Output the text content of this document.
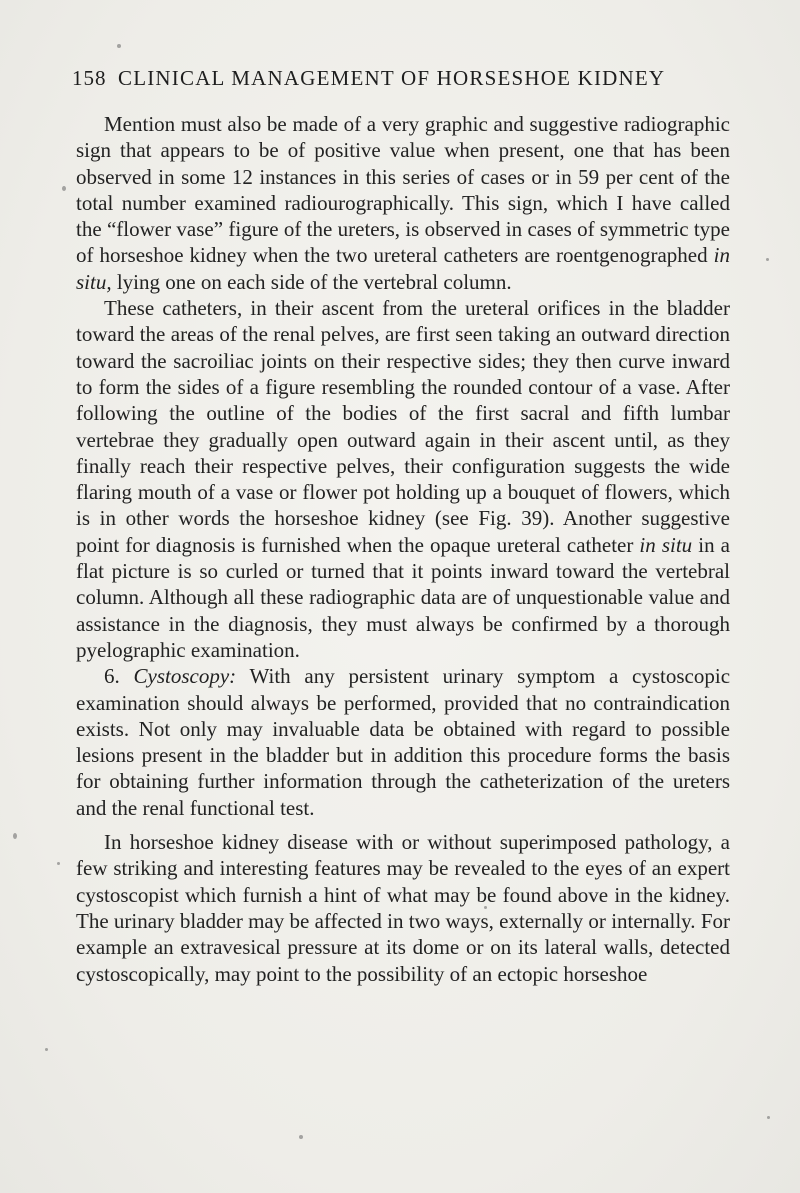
158 CLINICAL MANAGEMENT OF HORSESHOE KIDNEY

Mention must also be made of a very graphic and suggestive radiographic sign that appears to be of positive value when present, one that has been observed in some 12 instances in this series of cases or in 59 per cent of the total number examined radiourographically. This sign, which I have called the “flower vase” figure of the ureters, is observed in cases of symmetric type of horseshoe kidney when the two ureteral catheters are roentgenographed in situ, lying one on each side of the vertebral column.

These catheters, in their ascent from the ureteral orifices in the bladder toward the areas of the renal pelves, are first seen taking an outward direction toward the sacroiliac joints on their respective sides; they then curve inward to form the sides of a figure resembling the rounded contour of a vase. After following the outline of the bodies of the first sacral and fifth lumbar vertebrae they gradually open outward again in their ascent until, as they finally reach their respective pelves, their configuration suggests the wide flaring mouth of a vase or flower pot holding up a bouquet of flowers, which is in other words the horseshoe kidney (see Fig. 39). Another suggestive point for diagnosis is furnished when the opaque ureteral catheter in situ in a flat picture is so curled or turned that it points inward toward the vertebral column. Although all these radiographic data are of unquestionable value and assistance in the diagnosis, they must always be confirmed by a thorough pyelographic examination.

6. Cystoscopy: With any persistent urinary symptom a cystoscopic examination should always be performed, provided that no contraindication exists. Not only may invaluable data be obtained with regard to possible lesions present in the bladder but in addition this procedure forms the basis for obtaining further information through the catheterization of the ureters and the renal functional test.

In horseshoe kidney disease with or without superimposed pathology, a few striking and interesting features may be revealed to the eyes of an expert cystoscopist which furnish a hint of what may be found above in the kidney. The urinary bladder may be affected in two ways, externally or internally. For example an extravesical pressure at its dome or on its lateral walls, detected cystoscopically, may point to the possibility of an ectopic horseshoe
